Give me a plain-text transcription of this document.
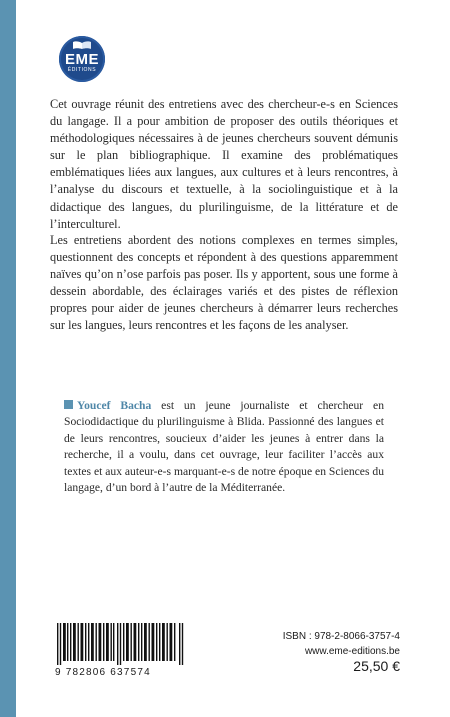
EME
ÉDITIONS

Cet ouvrage réunit des entretiens avec des chercheur-e-s en Sciences du langage. Il a pour ambition de proposer des outils théoriques et méthodologiques nécessaires à de jeunes chercheurs souvent démunis sur le plan bibliographique. Il examine des problématiques emblématiques liées aux langues, aux cultures et à leurs rencontres, à l’analyse du discours et textuelle, à la sociolinguistique et à la didactique des langues, du plurilinguisme, de la littérature et de l’interculturel.

Les entretiens abordent des notions complexes en termes simples, questionnent des concepts et répondent à des questions apparemment naïves qu’on n’ose parfois pas poser. Ils y apportent, sous une forme à dessein abordable, des éclairages variés et des pistes de réflexion propres pour aider de jeunes chercheurs à démarrer leurs recherches sur les langues, leurs rencontres et les façons de les analyser.

Youcef Bacha est un jeune journaliste et chercheur en Sociodidactique du plurilinguisme à Blida. Passionné des langues et de leurs rencontres, soucieux d’aider les jeunes à entrer dans la recherche, il a voulu, dans cet ouvrage, leur faciliter l’accès aux textes et aux auteur-e-s marquant-e-s de notre époque en Sciences du langage, d’un bord à l’autre de la Méditerranée.

9 782806 637574

ISBN : 978-2-8066-3757-4

www.eme-editions.be

25,50 €
